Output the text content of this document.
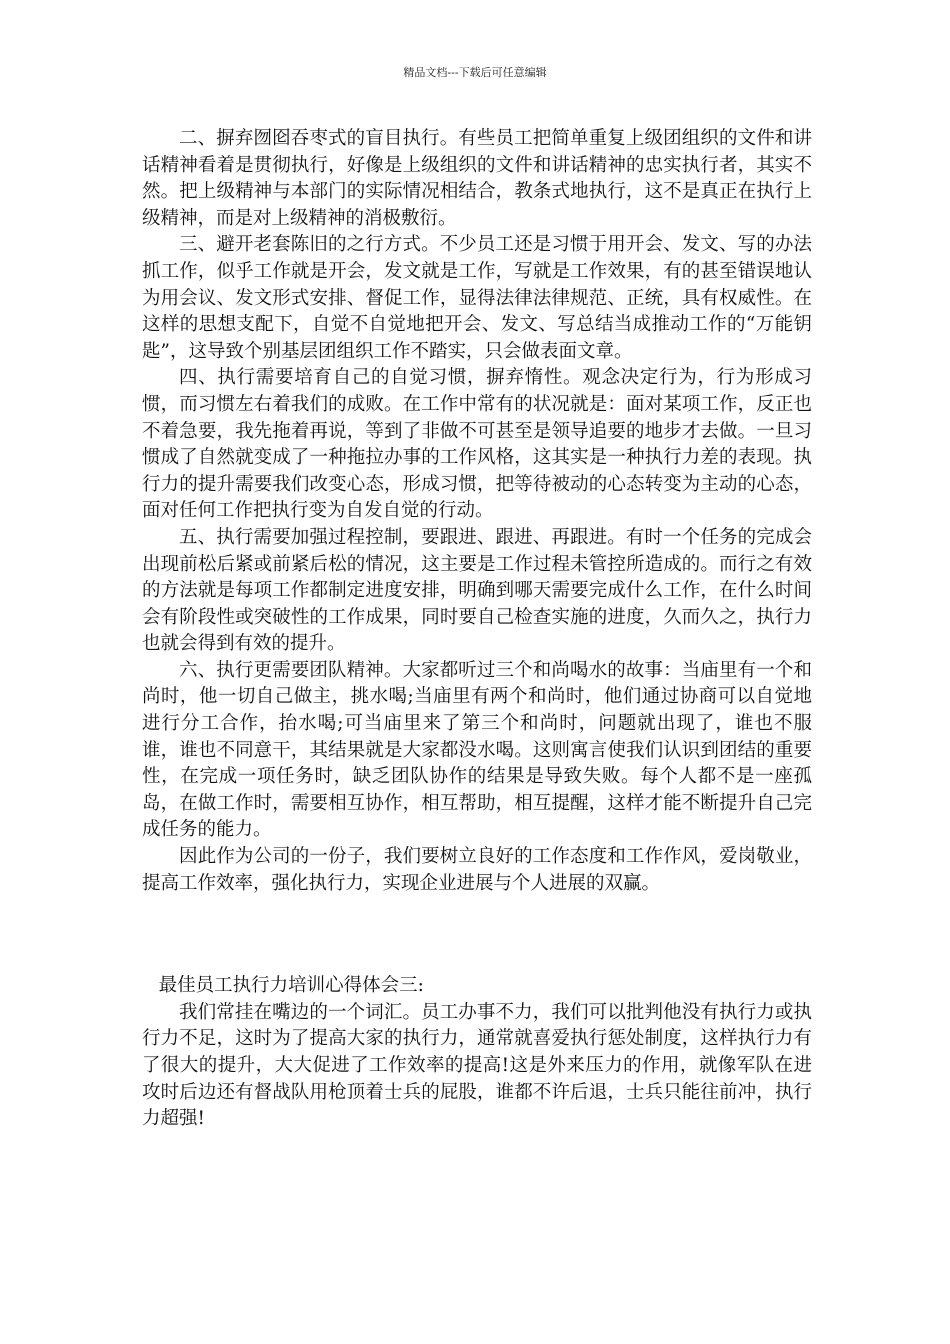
精品文档---下载后可任意编辑

二、摒弃囫囵吞枣式的盲目执行。有些员工把简单重复上级团组织的文件和讲话精神看着是贯彻执行，好像是上级组织的文件和讲话精神的忠实执行者，其实不然。把上级精神与本部门的实际情况相结合，教条式地执行，这不是真正在执行上级精神，而是对上级精神的消极敷衍。

三、避开老套陈旧的之行方式。不少员工还是习惯于用开会、发文、写的办法抓工作，似乎工作就是开会，发文就是工作，写就是工作效果，有的甚至错误地认为用会议、发文形式安排、督促工作，显得法律法律规范、正统，具有权威性。在这样的思想支配下，自觉不自觉地把开会、发文、写总结当成推动工作的“万能钥匙”，这导致个别基层团组织工作不踏实，只会做表面文章。

四、执行需要培育自己的自觉习惯，摒弃惰性。观念决定行为，行为形成习惯，而习惯左右着我们的成败。在工作中常有的状况就是：面对某项工作，反正也不着急要，我先拖着再说，等到了非做不可甚至是领导追要的地步才去做。一旦习惯成了自然就变成了一种拖拉办事的工作风格，这其实是一种执行力差的表现。执行力的提升需要我们改变心态，形成习惯，把等待被动的心态转变为主动的心态，面对任何工作把执行变为自发自觉的行动。

五、执行需要加强过程控制，要跟进、跟进、再跟进。有时一个任务的完成会出现前松后紧或前紧后松的情况，这主要是工作过程未管控所造成的。而行之有效的方法就是每项工作都制定进度安排，明确到哪天需要完成什么工作，在什么时间会有阶段性或突破性的工作成果，同时要自己检查实施的进度，久而久之，执行力也就会得到有效的提升。

六、执行更需要团队精神。大家都听过三个和尚喝水的故事：当庙里有一个和尚时，他一切自己做主，挑水喝;当庙里有两个和尚时，他们通过协商可以自觉地进行分工合作，抬水喝;可当庙里来了第三个和尚时，问题就出现了，谁也不服谁，谁也不同意干，其结果就是大家都没水喝。这则寓言使我们认识到团结的重要性，在完成一项任务时，缺乏团队协作的结果是导致失败。每个人都不是一座孤岛，在做工作时，需要相互协作，相互帮助，相互提醒，这样才能不断提升自己完成任务的能力。

因此作为公司的一份子，我们要树立良好的工作态度和工作作风，爱岗敬业，提高工作效率，强化执行力，实现企业进展与个人进展的双赢。

最佳员工执行力培训心得体会三:

我们常挂在嘴边的一个词汇。员工办事不力，我们可以批判他没有执行力或执行力不足，这时为了提高大家的执行力，通常就喜爱执行惩处制度，这样执行力有了很大的提升，大大促进了工作效率的提高!这是外来压力的作用，就像军队在进攻时后边还有督战队用枪顶着士兵的屁股，谁都不许后退，士兵只能往前冲，执行力超强!
